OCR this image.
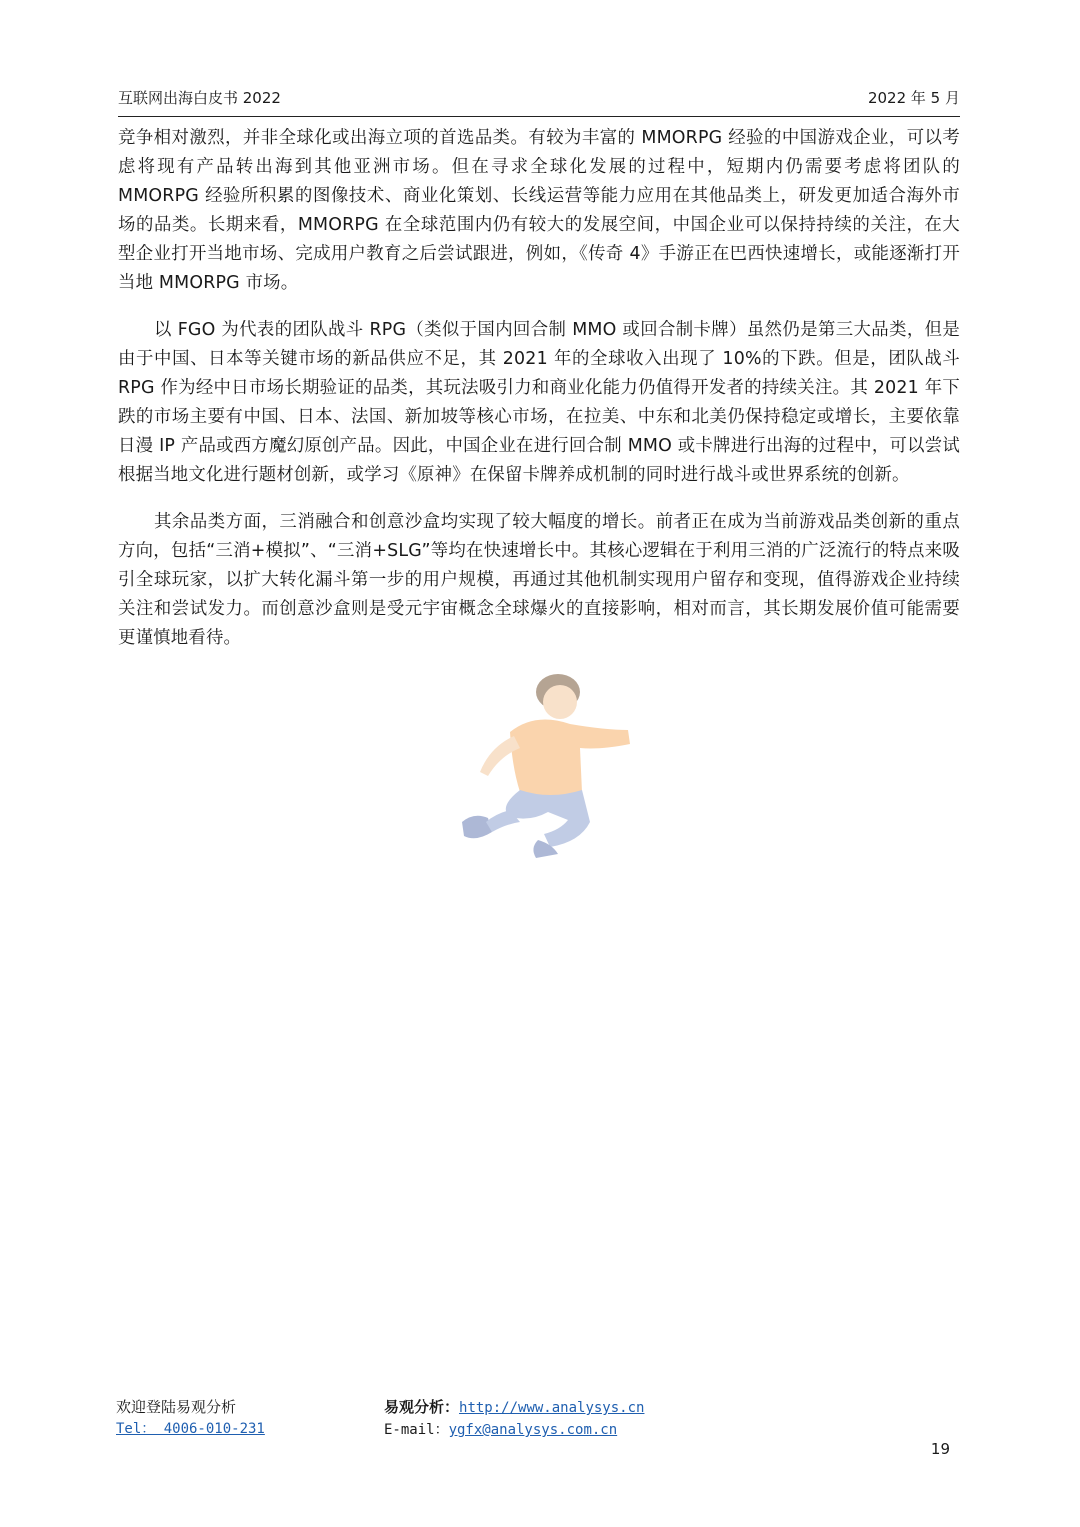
互联网出海白皮书 2022	2022 年 5 月

竞争相对激烈，并非全球化或出海立项的首选品类。有较为丰富的 MMORPG 经验的中国游戏企业，可以考虑将现有产品转出海到其他亚洲市场。但在寻求全球化发展的过程中，短期内仍需要考虑将团队的 MMORPG 经验所积累的图像技术、商业化策划、长线运营等能力应用在其他品类上，研发更加适合海外市场的品类。长期来看，MMORPG 在全球范围内仍有较大的发展空间，中国企业可以保持持续的关注，在大型企业打开当地市场、完成用户教育之后尝试跟进，例如，《传奇 4》手游正在巴西快速增长，或能逐渐打开当地 MMORPG 市场。

以 FGO 为代表的团队战斗 RPG（类似于国内回合制 MMO 或回合制卡牌）虽然仍是第三大品类，但是由于中国、日本等关键市场的新品供应不足，其 2021 年的全球收入出现了 10%的下跌。但是，团队战斗 RPG 作为经中日市场长期验证的品类，其玩法吸引力和商业化能力仍值得开发者的持续关注。其 2021 年下跌的市场主要有中国、日本、法国、新加坡等核心市场，在拉美、中东和北美仍保持稳定或增长，主要依靠日漫 IP 产品或西方魔幻原创产品。因此，中国企业在进行回合制 MMO 或卡牌进行出海的过程中，可以尝试根据当地文化进行题材创新，或学习《原神》在保留卡牌养成机制的同时进行战斗或世界系统的创新。

其余品类方面，三消融合和创意沙盒均实现了较大幅度的增长。前者正在成为当前游戏品类创新的重点方向，包括“三消+模拟”、“三消+SLG”等均在快速增长中。其核心逻辑在于利用三消的广泛流行的特点来吸引全球玩家，以扩大转化漏斗第一步的用户规模，再通过其他机制实现用户留存和变现，值得游戏企业持续关注和尝试发力。而创意沙盒则是受元宇宙概念全球爆火的直接影响，相对而言，其长期发展价值可能需要更谨慎地看待。

欢迎登陆易观分析
Tel： 4006-010-231
易观分析：http://www.analysys.cn
E-mail：ygfx@analysys.com.cn
19
